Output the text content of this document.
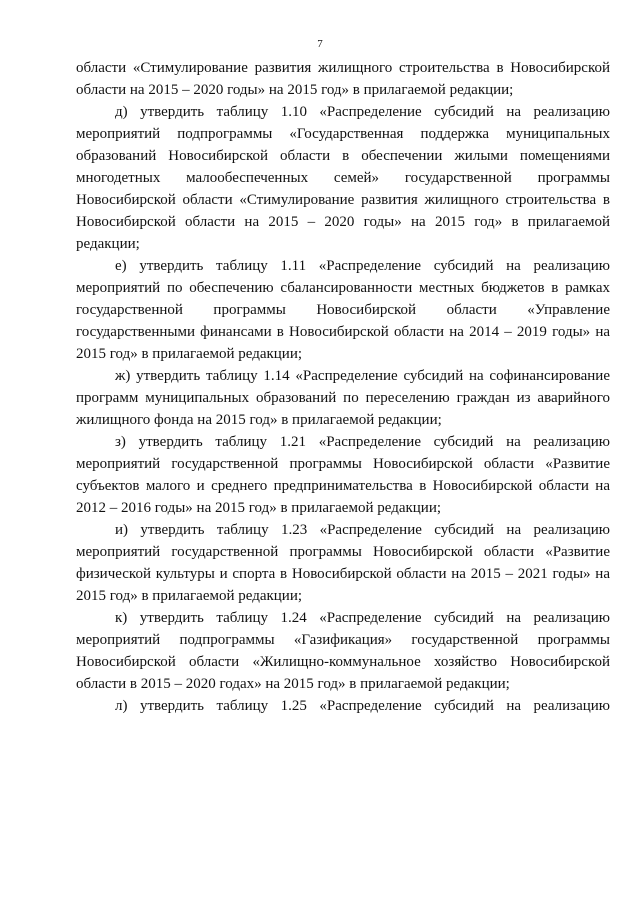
7
области «Стимулирование развития жилищного строительства в Новосибирской
области на 2015 – 2020 годы» на 2015 год» в прилагаемой редакции;
д) утвердить таблицу 1.10 «Распределение субсидий на реализацию
мероприятий подпрограммы «Государственная поддержка муниципальных
образований Новосибирской области в обеспечении жилыми помещениями
многодетных малообеспеченных семей» государственной программы
Новосибирской области «Стимулирование развития жилищного строительства в
Новосибирской области на 2015 – 2020 годы» на 2015 год» в прилагаемой
редакции;
е) утвердить таблицу 1.11 «Распределение субсидий на реализацию
мероприятий по обеспечению сбалансированности местных бюджетов в рамках
государственной программы Новосибирской области «Управление
государственными финансами в Новосибирской области на 2014 – 2019 годы» на
2015 год» в прилагаемой редакции;
ж) утвердить таблицу 1.14 «Распределение субсидий на софинансирование
программ муниципальных образований по переселению граждан из аварийного
жилищного фонда на 2015 год» в прилагаемой редакции;
з) утвердить таблицу 1.21 «Распределение субсидий на реализацию
мероприятий государственной программы Новосибирской области «Развитие
субъектов малого и среднего предпринимательства в Новосибирской области на
2012 – 2016 годы» на 2015 год» в прилагаемой редакции;
и) утвердить таблицу 1.23 «Распределение субсидий на реализацию
мероприятий государственной программы Новосибирской области «Развитие
физической культуры и спорта в Новосибирской области на 2015 – 2021 годы» на
2015 год» в прилагаемой редакции;
к) утвердить таблицу 1.24 «Распределение субсидий на реализацию
мероприятий подпрограммы «Газификация» государственной программы
Новосибирской области «Жилищно-коммунальное хозяйство Новосибирской
области в 2015 – 2020 годах» на 2015 год» в прилагаемой редакции;
л) утвердить таблицу 1.25 «Распределение субсидий на реализацию
